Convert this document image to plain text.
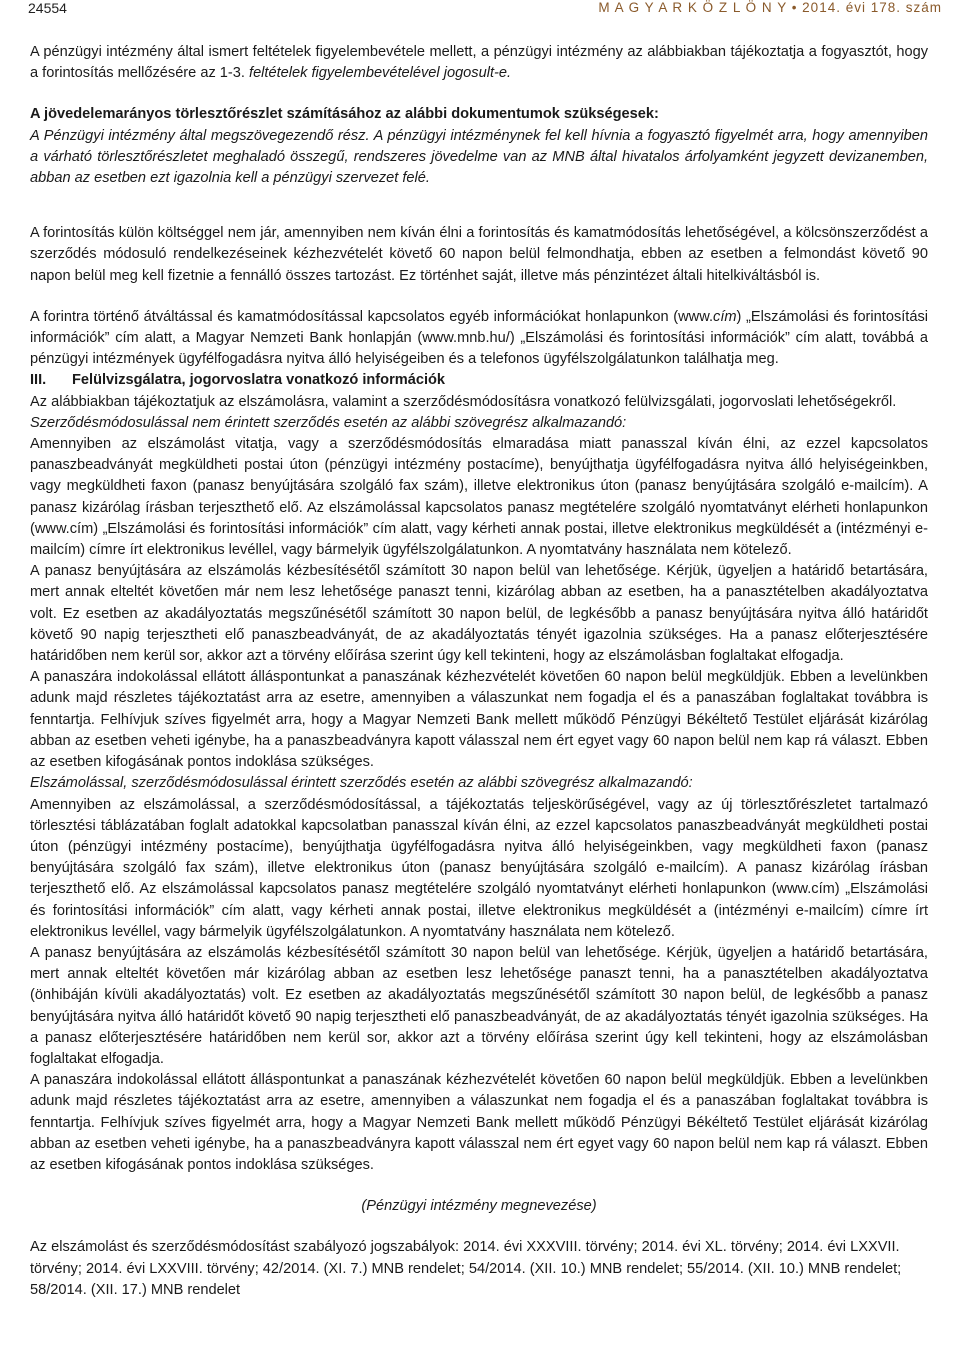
24554	M A G Y A R K Ö Z L Ö N Y • 2014. évi 178. szám

A pénzügyi intézmény által ismert feltételek figyelembevétele mellett, a pénzügyi intézmény az alábbiakban tájékoztatja a fogyasztót, hogy a forintosítás mellőzésére az 1-3. feltételek figyelembevételével jogosult-e.

A jövedelemarányos törlesztőrészlet számításához az alábbi dokumentumok szükségesek:

A Pénzügyi intézmény által megszövegezendő rész. A pénzügyi intézménynek fel kell hívnia a fogyasztó figyelmét arra, hogy amennyiben a várható törlesztőrészletet meghaladó összegű, rendszeres jövedelme van az MNB által hivatalos árfolyamként jegyzett devizanemben, abban az esetben ezt igazolnia kell a pénzügyi szervezet felé.

A forintosítás külön költséggel nem jár, amennyiben nem kíván élni a forintosítás és kamatmódosítás lehetőségével, a kölcsönszerződést a szerződés módosuló rendelkezéseinek kézhezvételét követő 60 napon belül felmondhatja, ebben az esetben a felmondást követő 90 napon belül meg kell fizetnie a fennálló összes tartozást. Ez történhet saját, illetve más pénzintézet általi hitelkiváltásból is.

A forintra történő átváltással és kamatmódosítással kapcsolatos egyéb információkat honlapunkon (www.cím) „Elszámolási és forintosítási információk” cím alatt, a Magyar Nemzeti Bank honlapján (www.mnb.hu/) „Elszámolási és forintosítási információk” cím alatt, továbbá a pénzügyi intézmények ügyfélfogadásra nyitva álló helyiségeiben és a telefonos ügyfélszolgálatunkon találhatja meg.

III. Felülvizsgálatra, jogorvoslatra vonatkozó információk

Az alábbiakban tájékoztatjuk az elszámolásra, valamint a szerződésmódosításra vonatkozó felülvizsgálati, jogorvoslati lehetőségekről.

Szerződésmódosulással nem érintett szerződés esetén az alábbi szövegrész alkalmazandó:

Amennyiben az elszámolást vitatja, vagy a szerződésmódosítás elmaradása miatt panasszal kíván élni, az ezzel kapcsolatos panaszbeadványát megküldheti postai úton (pénzügyi intézmény postacíme), benyújthatja ügyfélfogadásra nyitva álló helyiségeinkben, vagy megküldheti faxon (panasz benyújtására szolgáló fax szám), illetve elektronikus úton (panasz benyújtására szolgáló e-mailcím). A panasz kizárólag írásban terjeszthető elő. Az elszámolással kapcsolatos panasz megtételére szolgáló nyomtatványt elérheti honlapunkon (www.cím) „Elszámolási és forintosítási információk” cím alatt, vagy kérheti annak postai, illetve elektronikus megküldését a (intézményi e-mailcím) címre írt elektronikus levéllel, vagy bármelyik ügyfélszolgálatunkon. A nyomtatvány használata nem kötelező.

A panasz benyújtására az elszámolás kézbesítésétől számított 30 napon belül van lehetősége. Kérjük, ügyeljen a határidő betartására, mert annak elteltét követően már nem lesz lehetősége panaszt tenni, kizárólag abban az esetben, ha a panasztételben akadályoztatva volt. Ez esetben az akadályoztatás megszűnésétől számított 30 napon belül, de legkésőbb a panasz benyújtására nyitva álló határidőt követő 90 napig terjesztheti elő panaszbeadványát, de az akadályoztatás tényét igazolnia szükséges. Ha a panasz előterjesztésére határidőben nem kerül sor, akkor azt a törvény előírása szerint úgy kell tekinteni, hogy az elszámolásban foglaltakat elfogadja.

A panaszára indokolással ellátott álláspontunkat a panaszának kézhezvételét követően 60 napon belül megküldjük. Ebben a levelünkben adunk majd részletes tájékoztatást arra az esetre, amennyiben a válaszunkat nem fogadja el és a panaszában foglaltakat továbbra is fenntartja. Felhívjuk szíves figyelmét arra, hogy a Magyar Nemzeti Bank mellett működő Pénzügyi Békéltető Testület eljárását kizárólag abban az esetben veheti igénybe, ha a panaszbeadványra kapott válasszal nem ért egyet vagy 60 napon belül nem kap rá választ. Ebben az esetben kifogásának pontos indoklása szükséges.

Elszámolással, szerződésmódosulással érintett szerződés esetén az alábbi szövegrész alkalmazandó:

Amennyiben az elszámolással, a szerződésmódosítással, a tájékoztatás teljeskörűségével, vagy az új törlesztőrészletet tartalmazó törlesztési táblázatában foglalt adatokkal kapcsolatban panasszal kíván élni, az ezzel kapcsolatos panaszbeadványát megküldheti postai úton (pénzügyi intézmény postacíme), benyújthatja ügyfélfogadásra nyitva álló helyiségeinkben, vagy megküldheti faxon (panasz benyújtására szolgáló fax szám), illetve elektronikus úton (panasz benyújtására szolgáló e-mailcím). A panasz kizárólag írásban terjeszthető elő. Az elszámolással kapcsolatos panasz megtételére szolgáló nyomtatványt elérheti honlapunkon (www.cím) „Elszámolási és forintosítási információk” cím alatt, vagy kérheti annak postai, illetve elektronikus megküldését a (intézményi e-mailcím) címre írt elektronikus levéllel, vagy bármelyik ügyfélszolgálatunkon. A nyomtatvány használata nem kötelező.

A panasz benyújtására az elszámolás kézbesítésétől számított 30 napon belül van lehetősége. Kérjük, ügyeljen a határidő betartására, mert annak elteltét követően már kizárólag abban az esetben lesz lehetősége panaszt tenni, ha a panasztételben akadályoztatva (önhibáján kívüli akadályoztatás) volt. Ez esetben az akadályoztatás megszűnésétől számított 30 napon belül, de legkésőbb a panasz benyújtására nyitva álló határidőt követő 90 napig terjesztheti elő panaszbeadványát, de az akadályoztatás tényét igazolnia szükséges. Ha a panasz előterjesztésére határidőben nem kerül sor, akkor azt a törvény előírása szerint úgy kell tekinteni, hogy az elszámolásban foglaltakat elfogadja.

A panaszára indokolással ellátott álláspontunkat a panaszának kézhezvételét követően 60 napon belül megküldjük. Ebben a levelünkben adunk majd részletes tájékoztatást arra az esetre, amennyiben a válaszunkat nem fogadja el és a panaszában foglaltakat továbbra is fenntartja. Felhívjuk szíves figyelmét arra, hogy a Magyar Nemzeti Bank mellett működő Pénzügyi Békéltető Testület eljárását kizárólag abban az esetben veheti igénybe, ha a panaszbeadványra kapott válasszal nem ért egyet vagy 60 napon belül nem kap rá választ. Ebben az esetben kifogásának pontos indoklása szükséges.

(Pénzügyi intézmény megnevezése)

Az elszámolást és szerződésmódosítást szabályozó jogszabályok: 2014. évi XXXVIII. törvény; 2014. évi XL. törvény; 2014. évi LXXVII. törvény; 2014. évi LXXVIII. törvény; 42/2014. (XI. 7.) MNB rendelet; 54/2014. (XII. 10.) MNB rendelet; 55/2014. (XII. 10.) MNB rendelet; 58/2014. (XII. 17.) MNB rendelet
